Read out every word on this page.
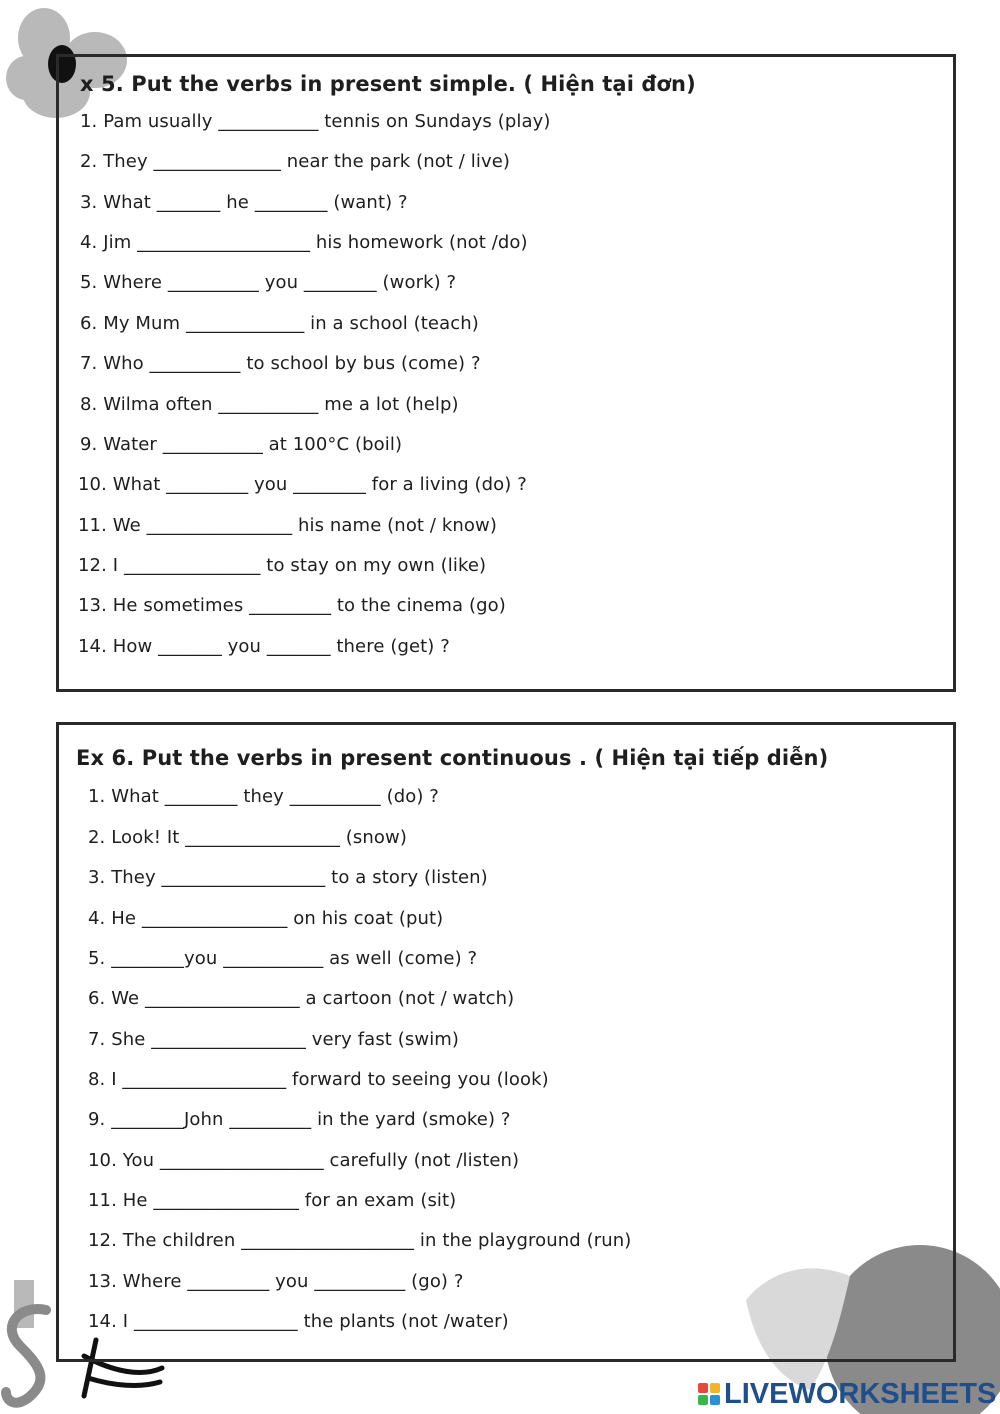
x 5. Put the verbs in present simple. ( Hiện tại đơn)
1. Pam usually ___________ tennis on Sundays (play)
2. They ______________ near the park (not / live)
3. What _______ he ________ (want) ?
4. Jim ___________________ his homework (not /do)
5. Where __________ you ________ (work) ?
6. My Mum _____________ in a school (teach)
7. Who __________ to school by bus (come) ?
8. Wilma often ___________ me a lot (help)
9. Water ___________ at 100°C (boil)
10. What _________ you ________ for a living (do) ?
11. We ________________ his name (not / know)
12. I _______________ to stay on my own (like)
13. He sometimes _________ to the cinema (go)
14. How _______ you _______ there (get) ?
Ex 6. Put the verbs in present continuous . ( Hiện tại tiếp diễn)
1. What ________ they __________ (do) ?
2. Look! It _________________ (snow)
3. They __________________ to a story (listen)
4. He ________________ on his coat (put)
5. ________you ___________ as well (come) ?
6. We _________________ a cartoon (not / watch)
7. She _________________ very fast (swim)
8. I __________________ forward to seeing you (look)
9. ________John _________ in the yard (smoke) ?
10. You __________________ carefully (not /listen)
11. He ________________ for an exam (sit)
12. The children ___________________ in the playground (run)
13. Where _________ you __________ (go) ?
14. I __________________ the plants (not /water)
LIVEWORKSHEETS
